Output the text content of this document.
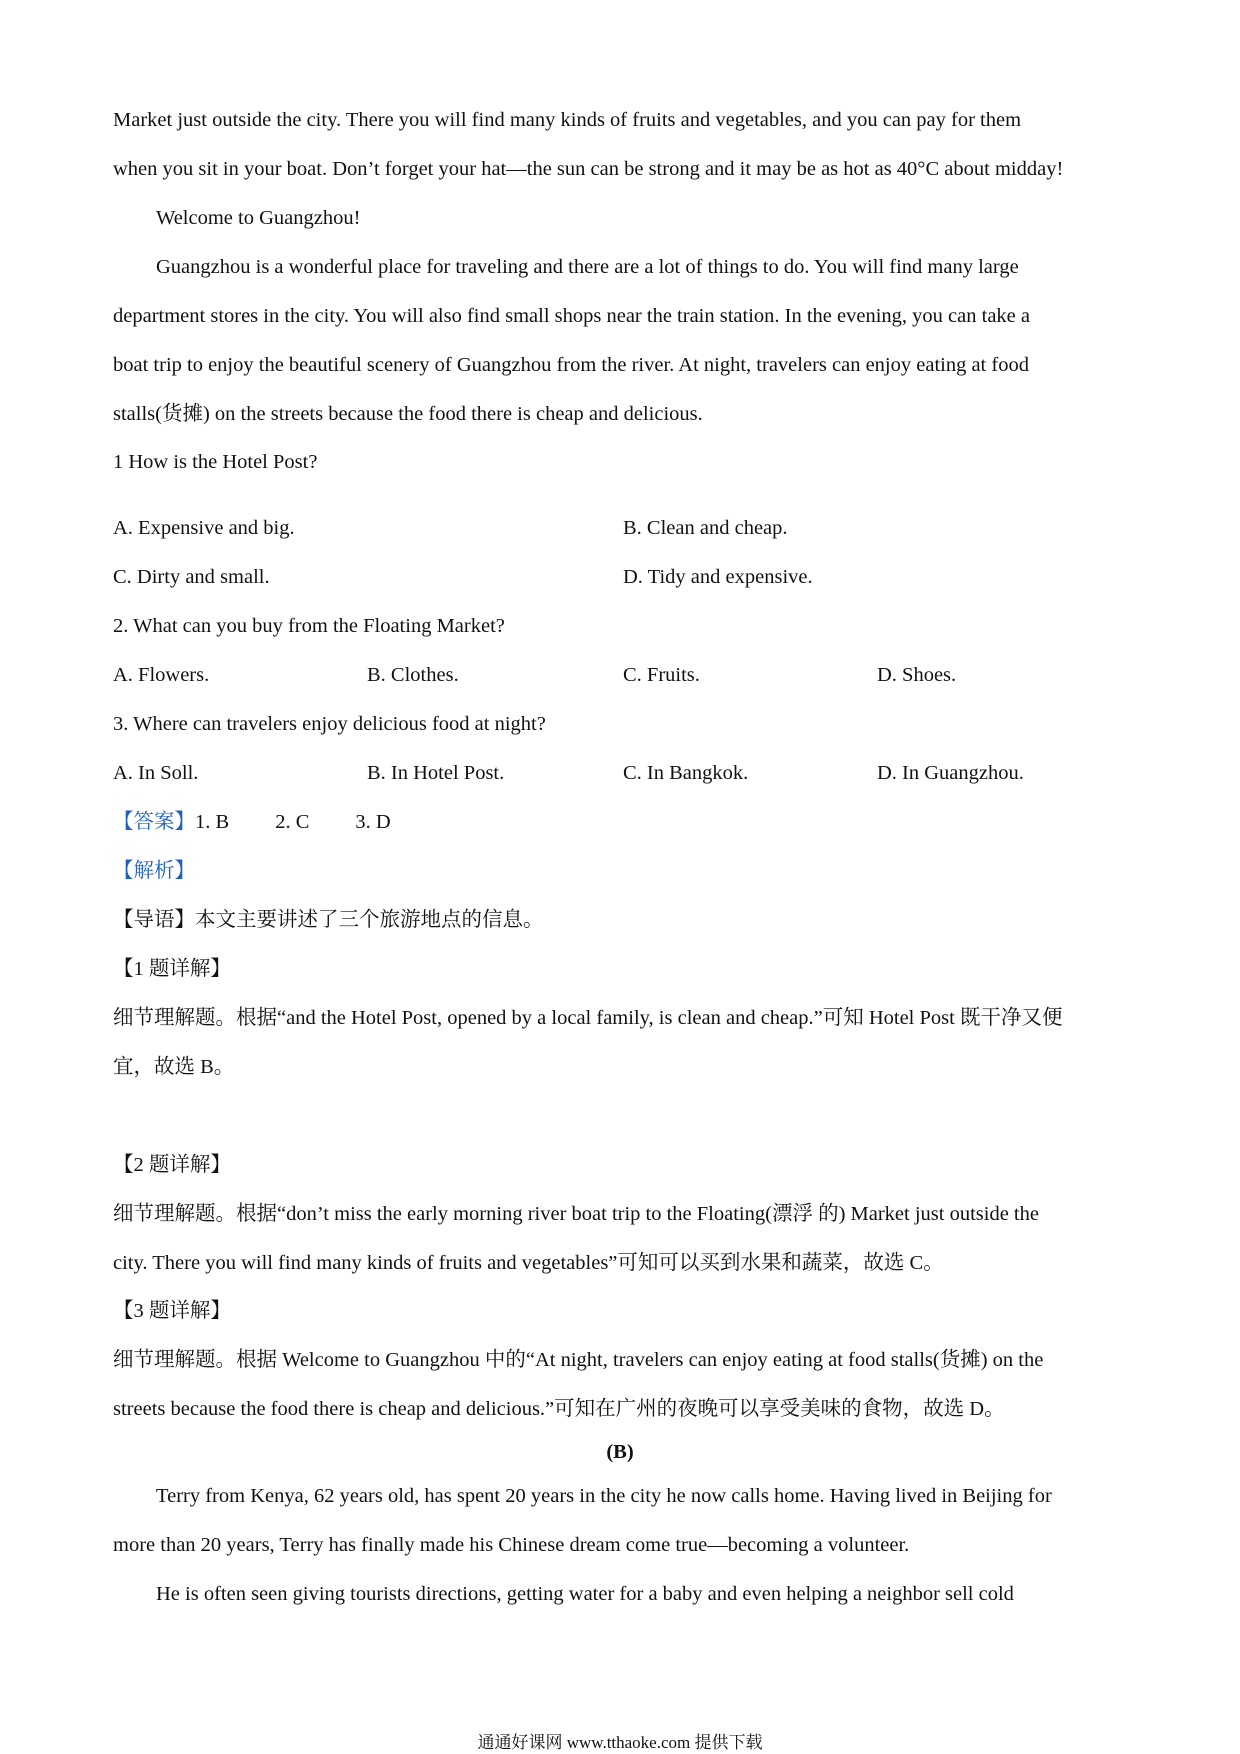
Market just outside the city. There you will find many kinds of fruits and vegetables, and you can pay for them
when you sit in your boat. Don’t forget your hat—the sun can be strong and it may be as hot as 40°C about midday!
Welcome to Guangzhou!
Guangzhou is a wonderful place for traveling and there are a lot of things to do. You will find many large
department stores in the city. You will also find small shops near the train station. In the evening, you can take a
boat trip to enjoy the beautiful scenery of Guangzhou from the river. At night, travelers can enjoy eating at food
stalls(货摊) on the streets because the food there is cheap and delicious.
1 How is the Hotel Post?
A. Expensive and big.	B. Clean and cheap.
C. Dirty and small.	D. Tidy and expensive.
2. What can you buy from the Floating Market?
A. Flowers.	B. Clothes.	C. Fruits.	D. Shoes.
3. Where can travelers enjoy delicious food at night?
A. In Soll.	B. In Hotel Post.	C. In Bangkok.	D. In Guangzhou.
【答案】1. B 2. C 3. D
【解析】
【导语】本文主要讲述了三个旅游地点的信息。
【1 题详解】
细节理解题。根据“and the Hotel Post, opened by a local family, is clean and cheap.”可知 Hotel Post 既干净又便
宜，故选 B。
【2 题详解】
细节理解题。根据“don’t miss the early morning river boat trip to the Floating(漂浮 的) Market just outside the
city. There you will find many kinds of fruits and vegetables”可知可以买到水果和蔬菜，故选 C。
【3 题详解】
细节理解题。根据 Welcome to Guangzhou 中的“At night, travelers can enjoy eating at food stalls(货摊) on the
streets because the food there is cheap and delicious.”可知在广州的夜晚可以享受美味的食物，故选 D。
(B)
Terry from Kenya, 62 years old, has spent 20 years in the city he now calls home. Having lived in Beijing for
more than 20 years, Terry has finally made his Chinese dream come true—becoming a volunteer.
He is often seen giving tourists directions, getting water for a baby and even helping a neighbor sell cold
通通好课网 www.tthaoke.com 提供下载
